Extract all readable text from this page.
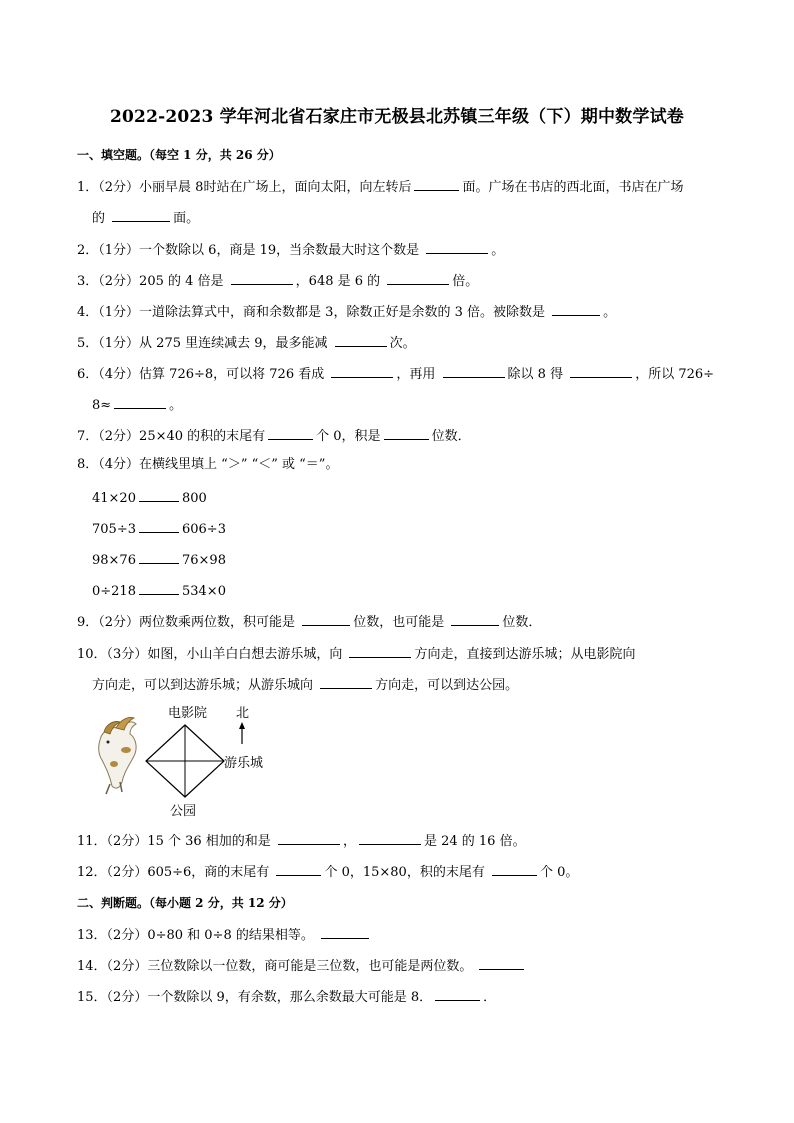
2022-2023 学年河北省石家庄市无极县北苏镇三年级（下）期中数学试卷
一、填空题。（每空 1 分，共 26 分）
1．（2分）小丽早晨 8时站在广场上，面向太阳，向左转后	面。广场在书店的西北面，书店在广场
的	面。
2．（1分）一个数除以 6，商是 19，当余数最大时这个数是	。
3．（2分）205 的 4 倍是	，648 是 6 的	倍。
4．（1分）一道除法算式中，商和余数都是 3，除数正好是余数的 3 倍。被除数是	。
5．（1分）从 275 里连续减去 9，最多能减	次。
6．（4分）估算 726÷8，可以将 726 看成	，再用	除以 8 得	，所以 726÷
8≈	。
7．（2分）25×40 的积的末尾有	个 0，积是	位数．
8．（4分）在横线里填上 “＞” “＜” 或 “＝”。
41×20	800
705÷3	606÷3
98×76	76×98
0÷218	534×0
9．（2分）两位数乘两位数，积可能是	位数，也可能是	位数．
10．（3分）如图，小山羊白白想去游乐城，向	方向走，直接到达游乐城；从电影院向
方向走，可以到达游乐城；从游乐城向	方向走，可以到达公园。
电影院 北
游乐城
公园
11．（2分）15 个 36 相加的和是	，	是 24 的 16 倍。
12．（2分）605÷6，商的末尾有	个 0，15×80，积的末尾有	个 0。
二、判断题。（每小题 2 分，共 12 分）
13．（2分）0÷80 和 0÷8 的结果相等。
14．（2分）三位数除以一位数，商可能是三位数，也可能是两位数。
15．（2分）一个数除以 9，有余数，那么余数最大可能是 8．	．
